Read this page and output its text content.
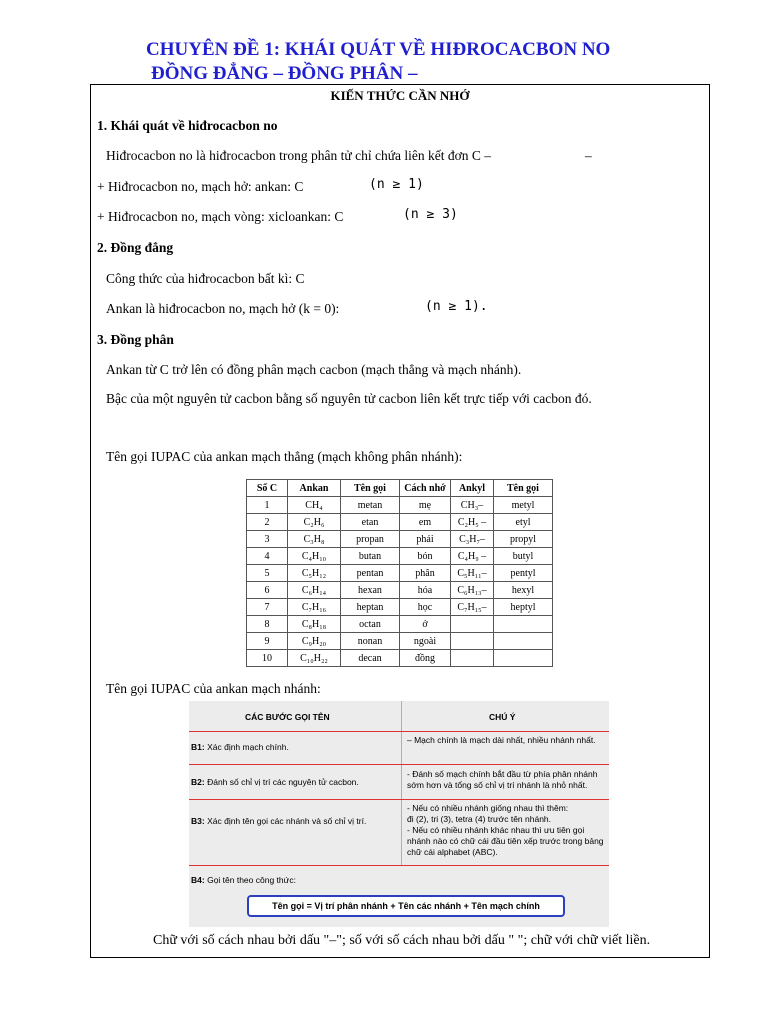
CHUYÊN ĐỀ 1: KHÁI QUÁT VỀ HIĐROCACBON NO
ĐỒNG ĐẲNG – ĐỒNG PHÂN –
KIẾN THỨC CẦN NHỚ
1. Khái quát về hiđrocacbon no
Hiđrocacbon no là hiđrocacbon trong phân tử chỉ chứa liên kết đơn C –	–
+ Hiđrocacbon no, mạch hở: ankan: C	(n ≥ 1)
+ Hiđrocacbon no, mạch vòng: xicloankan: C	(n ≥ 3)
2. Đồng đẳng
Công thức của hiđrocacbon bất kì: C
Ankan là hiđrocacbon no, mạch hở (k = 0):	(n ≥ 1).
3. Đồng phân
Ankan từ C trở lên có đồng phân mạch cacbon (mạch thẳng và mạch nhánh).
Bậc của một nguyên tử cacbon bằng số nguyên tử cacbon liên kết trực tiếp với cacbon đó.
Tên gọi IUPAC của ankan mạch thẳng (mạch không phân nhánh):
Số C	Ankan	Tên gọi	Cách nhớ	Ankyl	Tên gọi
1	CH₄	metan	mẹ	CH₃–	metyl
2	C₂H₆	etan	em	C₂H₅ –	etyl
3	C₃H₈	propan	phải	C₃H₇–	propyl
4	C₄H₁₀	butan	bón	C₄H₉ –	butyl
5	C₅H₁₂	pentan	phân	C₅H₁₁–	pentyl
6	C₆H₁₄	hexan	hóa	C₆H₁₃–	hexyl
7	C₇H₁₆	heptan	học	C₇H₁₅–	heptyl
8	C₈H₁₈	octan	ở		
9	C₉H₂₀	nonan	ngoài		
10	C₁₀H₂₂	decan	đồng		
Tên gọi IUPAC của ankan mạch nhánh:
CÁC BƯỚC GỌI TÊN	CHÚ Ý
B1: Xác định mạch chính.
– Mạch chính là mạch dài nhất, nhiều nhánh nhất.
B2: Đánh số chỉ vị trí các nguyên tử cacbon.
- Đánh số mạch chính bắt đầu từ phía phân nhánh sớm hơn và tổng số chỉ vị trí nhánh là nhỏ nhất.
B3: Xác định tên gọi các nhánh và số chỉ vị trí.
- Nếu có nhiều nhánh giống nhau thì thêm:
đi (2), tri (3), tetra (4) trước tên nhánh.
- Nếu có nhiều nhánh khác nhau thì ưu tiên gọi nhánh nào có chữ cái đầu tiên xếp trước trong bảng chữ cái alphabet (ABC).
B4: Gọi tên theo công thức:
Tên gọi = Vị trí phân nhánh + Tên các nhánh + Tên mạch chính
Chữ với số cách nhau bởi dấu "–"; số với số cách nhau bởi dấu " "; chữ với chữ viết liền.
